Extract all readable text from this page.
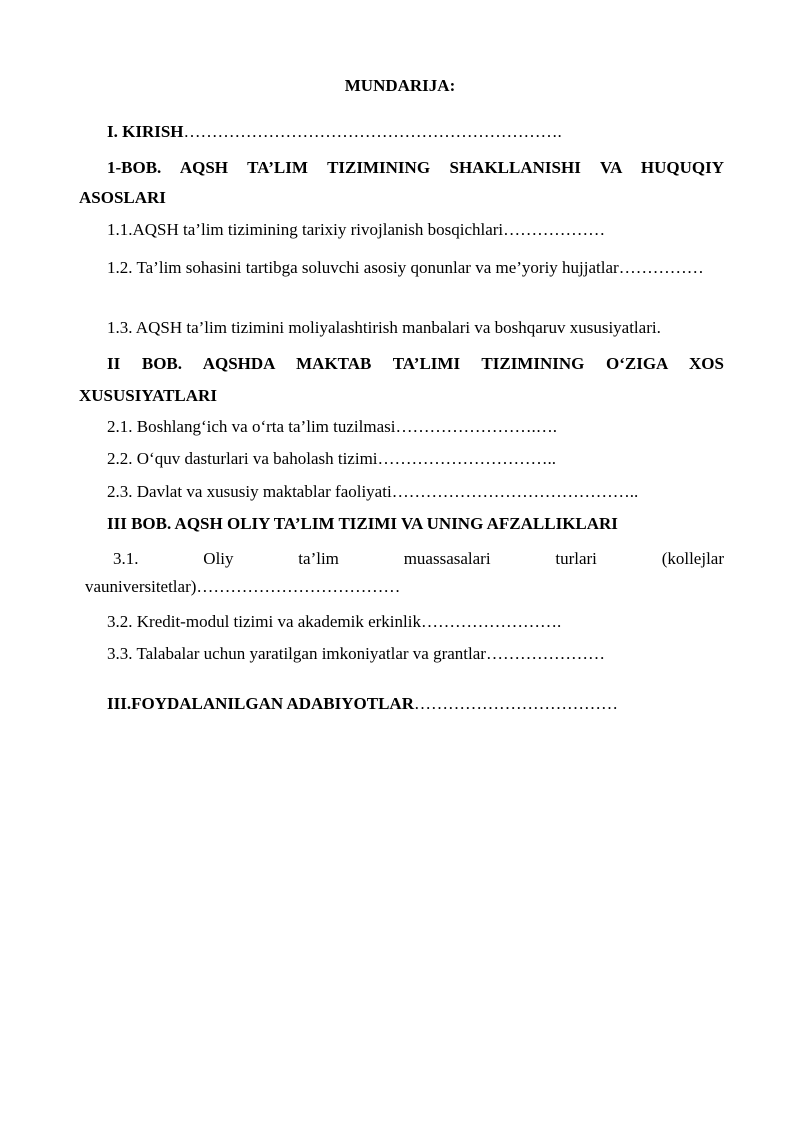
MUNDARIJA:
I. KIRISH………………………………………………………….
1-BOB. AQSH TA’LIM TIZIMINING SHAKLLANISHI VA HUQUQIY ASOSLARI
1.1.AQSH ta’lim tizimining tarixiy rivojlanish bosqichlari………………
1.2. Ta’lim sohasini tartibga soluvchi asosiy qonunlar va me’yoriy hujjatlar……………
1.3. AQSH ta’lim tizimini moliyalashtirish manbalari va boshqaruv xususiyatlari.
II BOB. AQSHDA MAKTAB TA’LIMI TIZIMINING O‘ZIGA XOS XUSUSIYATLARI
2.1. Boshlang‘ich va o‘rta ta’lim tuzilmasi…………………….….
2.2. O‘quv dasturlari va baholash tizimi…………………………..
2.3. Davlat va xususiy maktablar faoliyati……………………………………..
III BOB. AQSH OLIY TA’LIM TIZIMI VA UNING AFZALLIKLARI
3.1. Oliy ta’lim muassasalari turlari (kollejlar vauniversitetlar)………………………………
3.2. Kredit-modul tizimi va akademik erkinlik…………………….
3.3. Talabalar uchun yaratilgan imkoniyatlar va grantlar…………………
III.FOYDALANILGAN ADABIYOTLAR………………………………
